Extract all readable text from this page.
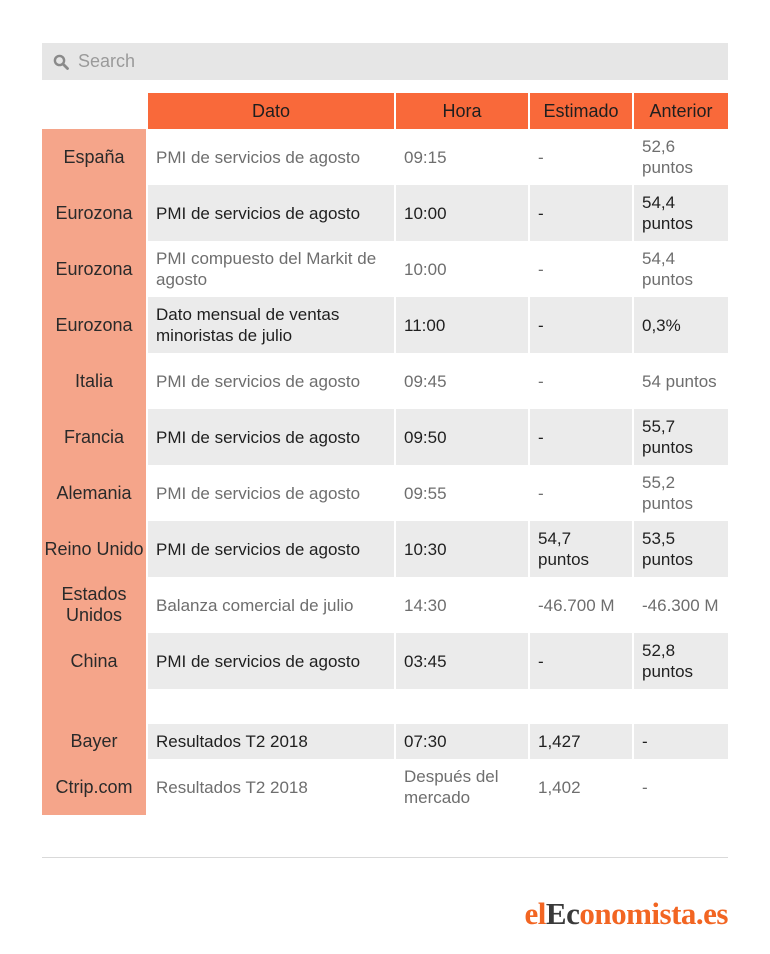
Search
	Dato	Hora	Estimado	Anterior
España	PMI de servicios de agosto	09:15	-	52,6 puntos
Eurozona	PMI de servicios de agosto	10:00	-	54,4 puntos
Eurozona	PMI compuesto del Markit de agosto	10:00	-	54,4 puntos
Eurozona	Dato mensual de ventas minoristas de julio	11:00	-	0,3%
Italia	PMI de servicios de agosto	09:45	-	54 puntos
Francia	PMI de servicios de agosto	09:50	-	55,7 puntos
Alemania	PMI de servicios de agosto	09:55	-	55,2 puntos
Reino Unido	PMI de servicios de agosto	10:30	54,7 puntos	53,5 puntos
Estados Unidos	Balanza comercial de julio	14:30	-46.700 M	-46.300 M
China	PMI de servicios de agosto	03:45	-	52,8 puntos

Bayer	Resultados T2 2018	07:30	1,427	-
Ctrip.com	Resultados T2 2018	Después del mercado	1,402	-
elEconomista.es
